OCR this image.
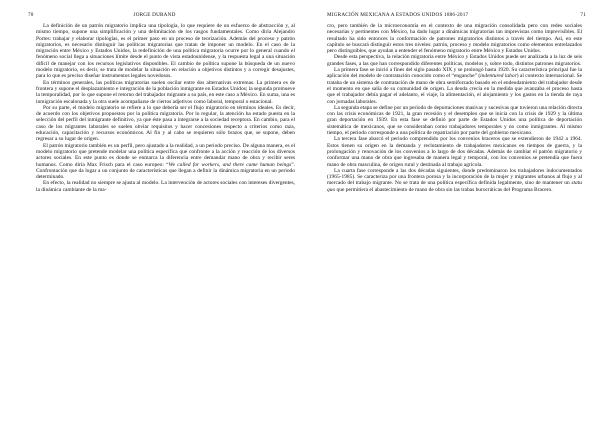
70	JORGE DURAND

La definición de un patrón migratorio implica una tipología, lo que requiere de un esfuerzo de abstracción y, al mismo tiempo, supone una simplificación y una delimitación de los rasgos fundamentales. Como diría Alejandro Portes: trabajar y elaborar tipologías, es el primer paso en un proceso de teorización. Además del proceso y patrón migratorios, es necesario distinguir las políticas migratorias que tratan de imponer un modelo. En el caso de la migración entre México y Estados Unidos, la redefinición de una política migratoria ocurre por lo general cuando el fenómeno social llega a situaciones límite desde el punto de vista estadounidense, y la respuesta legal a una situación difícil de manejar con los recursos legislativos disponibles. El cambio de política supone la búsqueda de un nuevo modelo migratorio, es decir, se trata de modelar la situación en relación a objetivos distintos y a corregir desajustes, para lo que es preciso diseñar instrumentos legales novedosos.

En términos generales, las políticas migratorias suelen oscilar entre dos alternativas extremas. La primera es de frontera y supone el desplazamiento e integración de la población inmigrante en Estados Unidos; la segunda promueve la temporalidad, por lo que supone el retorno del trabajador migrante a su país, en este caso a México. En suma, una es inmigración escalonada y la otra suele acompañarse de ciertos adjetivos como laboral, temporal o estacional.

Por su parte, el modelo migratorio se refiere a lo que debería ser el flujo migratorio en términos ideales. Es decir, de acuerdo con los objetivos propuestos por la política migratoria. Por lo regular, la atención ha estado puesta en la selección del perfil del inmigrante definitivo, ya que éste pasa a integrarse a la sociedad receptora. En cambio, para el caso de los migrantes laborales se suelen obviar requisitos y hacer concesiones respecto a criterios como raza, educación, capacitación y recursos económicos. Al fin y al cabo se requieren sólo brazos que, se supone, deben regresar a su lugar de origen.

El patrón migratorio también es un perfil, pero ajustado a la realidad, a un periodo preciso. De alguna manera, es el modelo migratorio que pretende modelar una política específica que confronte a la acción y reacción de los diversos actores sociales. En este punto es donde se enmarca la diferencia entre demandar mano de obra y recibir seres humanos. Como diría Max Frisch para el caso europeo: “We called for workers, and there came human beings”. Confrontación que da lugar a un conjunto de características que llegan a definir la dinámica migratoria en un periodo determinado.

En efecto, la realidad no siempre se ajusta al modelo. La intervención de actores sociales con intereses divergentes, la dinámica cambiante de la ma-

MIGRACIÓN MEXICANA A ESTADOS UNIDOS 1886-2017	71

cro, pero también de la microeconomía en el contexto de una migración consolidada pero con redes sociales necesarias y pertinentes con México, ha dado lugar a dinámicas migratorias tan imprevistas como imprevisibles. El resultado ha sido entonces la conformación de patrones migratorios distintos a través del tiempo. Así, en este capítulo se buscará distinguir estos tres niveles: patrón, proceso y modelo migratorios como elementos entrelazados pero distinguibles, que ayudan a entender el fenómeno migratorio entre México y Estados Unidos.

Desde esta perspectiva, la relación migratoria entre México y Estados Unidos puede ser analizada a la luz de seis grandes fases, a las que han correspondido diferentes políticas, modelos y, sobre todo, distintos patrones migratorios.

La primera fase se inició a fines del siglo pasado XIX y se prolongó hasta 1920. Su característica principal fue la aplicación del modelo de contratación conocido como el “enganche” (indentured labor) al contexto internacional. Se trataba de un sistema de contratación de mano de obra semiforzado basado en el endeudamiento del trabajador desde el momento en que salía de su comunidad de origen. La deuda crecía en la medida que avanzaba el proceso hasta que el trabajador debía pagar el adelanto, el viaje, la alimentación, el alojamiento y los gastos en la tienda de raya con jornadas laborales.

La segunda etapa se define por un periodo de deportaciones masivas y sucesivas que tuvieron una relación directa con las crisis económicas de 1921, la gran recesión y el desempleo que se inicia con la crisis de 1929 y la última gran deportación en 1939. En esta fase se definió por parte de Estados Unidos una política de deportación sistemática de mexicanos, que se consideraban como trabajadores temporales y no como inmigrantes. Al mismo tiempo, el periodo corresponde a una política de repatriación por parte del gobierno mexicano.

La tercera fase abarcó el periodo comprendido por los convenios braceros que se extendieron de 1942 a 1964. Estos tienen su origen en la demanda y reclutamiento de trabajadores mexicanos en tiempos de guerra, y la prolongación y renovación de los convenios a lo largo de dos décadas. Además de cambiar el patrón migratorio y conformar una mano de obra que ingresaba de manera legal y temporal, con los convenios se pretendía que fuera mano de obra masculina, de origen rural y destinada al trabajo agrícola.

La cuarta fase corresponde a las dos décadas siguientes, donde predominaron los trabajadores indocumentados (1965-1985). Se caracteriza por una frontera porosa y la incorporación de la mujer y migrantes urbanos al flujo y al mercado del trabajo migrante. No se trata de una política específica definida legalmente, sino de mantener un statu quo que permitiera el abastecimiento de mano de obra sin las trabas burocráticas del Programa Bracero.
